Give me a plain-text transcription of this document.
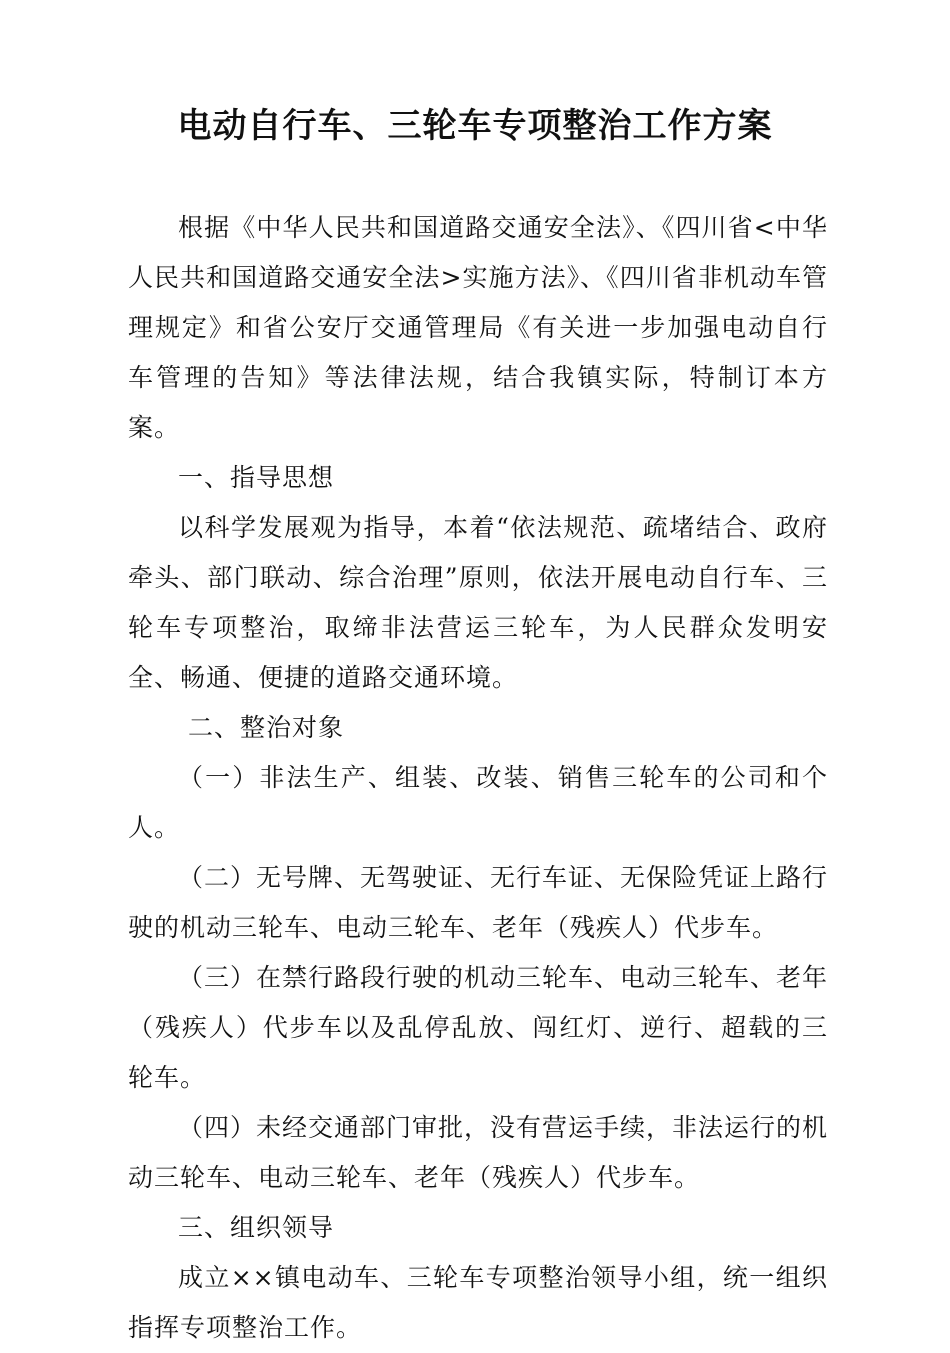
电动自行车、三轮车专项整治工作方案

根据《中华人民共和国道路交通安全法》、《四川省<中华人民共和国道路交通安全法>实施方法》、《四川省非机动车管理规定》和省公安厅交通管理局《有关进一步加强电动自行车管理的告知》等法律法规，结合我镇实际，特制订本方案。

一、指导思想

以科学发展观为指导，本着“依法规范、疏堵结合、政府牵头、部门联动、综合治理”原则，依法开展电动自行车、三轮车专项整治，取缔非法营运三轮车，为人民群众发明安全、畅通、便捷的道路交通环境。

二、整治对象

（一）非法生产、组装、改装、销售三轮车的公司和个人。

（二）无号牌、无驾驶证、无行车证、无保险凭证上路行驶的机动三轮车、电动三轮车、老年（残疾人）代步车。

（三）在禁行路段行驶的机动三轮车、电动三轮车、老年（残疾人）代步车以及乱停乱放、闯红灯、逆行、超载的三轮车。

（四）未经交通部门审批，没有营运手续，非法运行的机动三轮车、电动三轮车、老年（残疾人）代步车。

三、组织领导

成立××镇电动车、三轮车专项整治领导小组，统一组织指挥专项整治工作。
